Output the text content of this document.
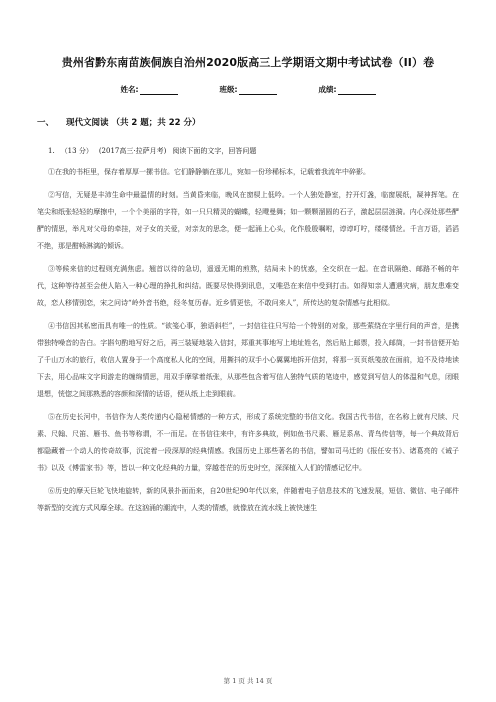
贵州省黔东南苗族侗族自治州2020版高三上学期语文期中考试试卷（II）卷
姓名:	班级:	成绩:
一、 现代文阅读 （共 2 题；共 22 分）
1. （13 分） (2017高三·拉萨月考) 阅读下面的文字，回答问题

①在我的书柜里，保存着厚厚一摞书信。它们静静躺在那儿，宛如一份珍稀标本，记载着我流年中碎影。

②写信，无疑是丰沛生命中最温情的时刻。当黄昏来临，晚风在窗棂上低吟。一个人独处静室，拧开灯盏，临窗展纸，凝神挥笔。在笔尖和纸张轻轻的摩擦中，一个个美丽的字符，如一只只精灵的蝴蝶，轻飕曼舞；如一颗颗溜圆的石子，激起层层涟漪。内心深处那些酽酽的情思，举凡对父母的牵挂，对子女的关爱，对亲友的思念，便一起涌上心头，化作殷殷嘱咐，谆谆叮咛，缕缕情丝。千言万语，滔滔不绝，那是酣畅淋漓的倾诉。

③等候来信的过程则充满焦虑。翘首以待的急切，遥遥无期的煎熬，结局未卜的忧惑，全交织在一起。在音讯隔绝、邮路不畅的年代，这种等待甚至会使人陷入一种心理的挣扎和纠结。既要尽快得到讯息，又唯恐在来信中受到打击。如得知亲人遭遇灾病，朋友患难变故，恋人移情别恋，宋之问诗“岭外音书绝，经冬复历春。近乡情更怯，不敢问来人”，所传达的复杂情感与此相似。

④书信因其私密而具有唯一的性质。“欲笺心事，独语斜栏”，一封信往往只写给一个特别的对象，那些萦绕在字里行间的声音，是携带独特噪音的告白。字斟句酌地写好之后，再三装疑地装入信封，郑重其事地写上地址姓名，然后贴上邮票，投入邮筒，一封书信便开始了千山万水的旅行，收信人置身于一个高度私人化的空间，用撕抖的双手小心翼翼地拆开信封，将那一页页纸笺放在面前，迫不及待地读下去，用心品味文字间游走的缠绵情思，用双手摩挲着纸张，从那些包含着写信人独特气质的笔迹中，感觉到写信人的体温和气息，闭眼退想，恍惚之间那熟悉的容颜和深情的话语，便从纸上走到眼前。

⑤在历史长河中，书信作为人类传递内心隐秘情感的一种方式，形成了系统完整的书信文化。我国古代书信，在名称上就有尺牍、尺素、尺翰、尺笛、雁书、鱼书等称谓，不一而足。在书信往来中，有许多典故，例如鱼书尺素、雁足系帛、青鸟传信等，每一个典故背后都隐藏着一个动人的传奇故事，沉淀着一段深厚的经典情感。我国历史上那些著名的书信，譬如司马迁的《报任安书》、诸葛亮的《诫子书》以及《傅雷家书》等，皆以一种文化经典的力量，穿越苍茫的历史时空，深深植入人们的情感记忆中。

⑥历史的摩天巨轮飞快地旋转，新的风景扑面而来，自20世纪90年代以来，伴随着电子信息技术的飞速发展，短信、微信、电子邮件等新型的交流方式风靡全球。在这汹涌的潮流中，人类的情感，就像放在流水线上被快速生

第 1 页 共 14 页
